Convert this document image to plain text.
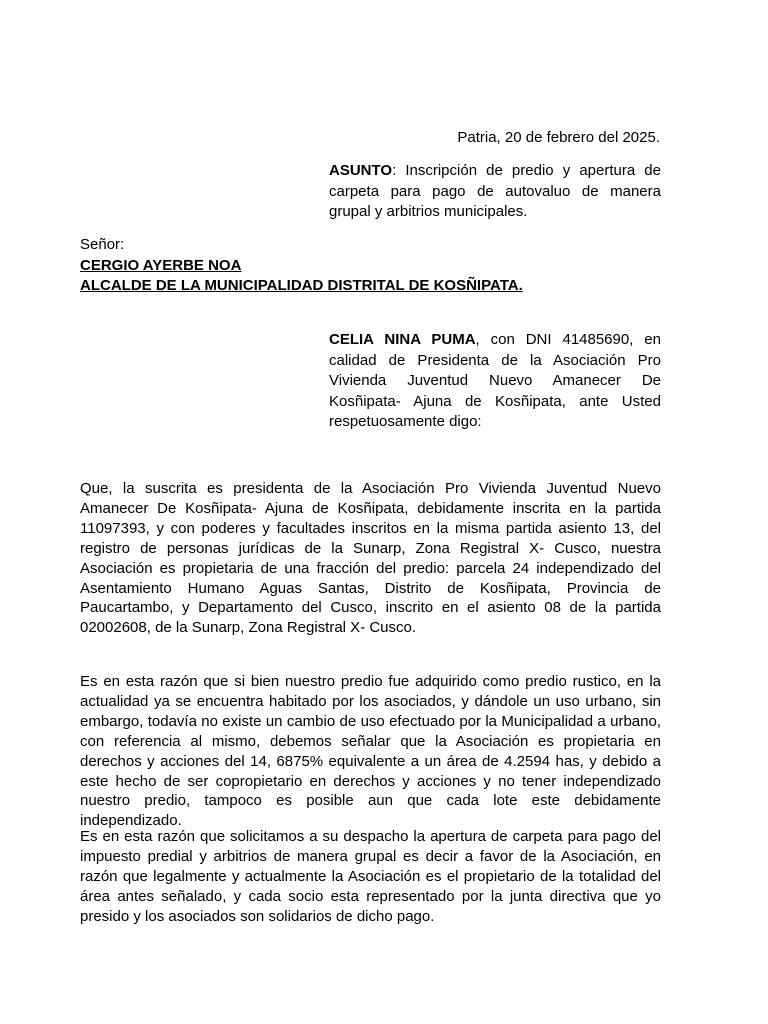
Patria, 20 de febrero del 2025.

ASUNTO: Inscripción de predio y apertura de carpeta para pago de autovaluo de manera grupal y arbitrios municipales.

Señor:
CERGIO AYERBE NOA
ALCALDE DE LA MUNICIPALIDAD DISTRITAL DE KOSÑIPATA.

CELIA NINA PUMA, con DNI 41485690, en calidad de Presidenta de la Asociación Pro Vivienda Juventud Nuevo Amanecer De Kosñipata- Ajuna de Kosñipata, ante Usted respetuosamente digo:

Que, la suscrita es presidenta de la Asociación Pro Vivienda Juventud Nuevo Amanecer De Kosñipata- Ajuna de Kosñipata, debidamente inscrita en la partida 11097393, y con poderes y facultades inscritos en la misma partida asiento 13, del registro de personas jurídicas de la Sunarp, Zona Registral X- Cusco, nuestra Asociación es propietaria de una fracción del predio: parcela 24 independizado del Asentamiento Humano Aguas Santas, Distrito de Kosñipata, Provincia de Paucartambo, y Departamento del Cusco, inscrito en el asiento 08 de la partida 02002608, de la Sunarp, Zona Registral X- Cusco.

Es en esta razón que si bien nuestro predio fue adquirido como predio rustico, en la actualidad ya se encuentra habitado por los asociados, y dándole un uso urbano, sin embargo, todavía no existe un cambio de uso efectuado por la Municipalidad a urbano, con referencia al mismo, debemos señalar que la Asociación es propietaria en derechos y acciones del 14, 6875% equivalente a un área de 4.2594 has, y debido a este hecho de ser copropietario en derechos y acciones y no tener independizado nuestro predio, tampoco es posible aun que cada lote este debidamente independizado.

Es en esta razón que solicitamos a su despacho la apertura de carpeta para pago del impuesto predial y arbitrios de manera grupal es decir a favor de la Asociación, en razón que legalmente y actualmente la Asociación es el propietario de la totalidad del área antes señalado, y cada socio esta representado por la junta directiva que yo presido y los asociados son solidarios de dicho pago.
